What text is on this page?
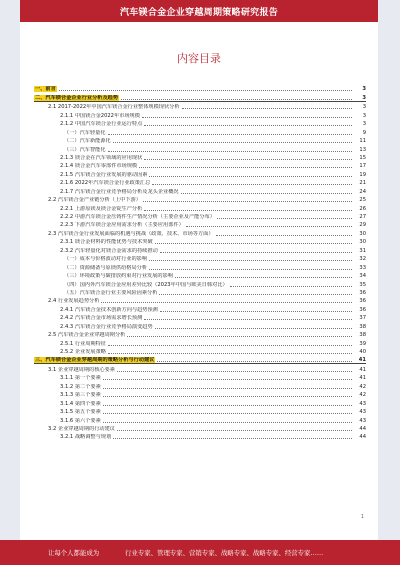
汽车镁合金企业穿越周期策略研究报告
内容目录
一、前言	3
二、汽车镁合金企业行业分析及趋势	3
2.1 2017-2022年中国汽车镁合金行业整体规模现状分析	3
2.1.1 中国镁合金2022年市场规模	3
2.1.2 中国汽车镁合金行业运行特点	3
（一）汽车轻量化	9
（二）汽车新能源化	11
（三）汽车智能化	13
2.1.3 镁合金在汽车领域的应用现状	15
2.1.4 镁合金汽车零部件市场规模	17
2.1.5 汽车镁合金行业发展的驱动因素	19
2.1.6 2022年汽车镁合金行业政策汇总	21
2.1.7 汽车镁合金行业竞争格局分析及龙头企业概况	24
2.2 汽车镁合金产业链分析（上中下游）	25
2.2.1 上游原镁及镁合金锭生产分析	26
2.2.2 中游汽车镁合金压铸件生产情况分析（主要企业及产能分布）	27
2.2.3 下游汽车镁合金应用需求分析（主要应用部件）	29
2.3 汽车镁合金行业发展面临的机遇与挑战（政策、技术、市场等方面）	30
2.3.1 镁合金材料的性能优势与技术突破	30
2.3.2 汽车轻量化对镁合金需求的持续推动	31
（一）成本与价格波动对行业的影响	32
（二）资源储备与原镁供给格局分析	33
（三）环境政策与碳排放约束对行业发展的影响	34
（四）国内外汽车镁合金应用差异比较（2023年中国与欧美日韩对比）	35
（五）汽车镁合金行业主要风险因素分析	36
2.4 行业发展趋势分析	36
2.4.1 汽车镁合金技术创新方向与趋势预测	36
2.4.2 汽车镁合金市场需求增长预测	37
2.4.3 汽车镁合金行业竞争格局演变趋势	38
2.5 汽车镁合金企业穿越周期分析	38
2.5.1 行业周期特征	39
2.5.2 企业发展策略	40
三、汽车镁合金企业穿越周期的策略分析与行动建议	41
3.1 企业穿越周期的核心要素	41
3.1.1 第一个要素	41
3.1.2 第二个要素	42
3.1.3 第三个要素	42
3.1.4 第四个要素	43
3.1.5 第五个要素	43
3.1.6 第六个要素	43
3.2 企业穿越周期的行动建议	44
3.2.1 战略调整与规划	44
1
让每个人都能成为	行业专家、管理专家、营销专家、战略专家、战略专家、经营专家……
